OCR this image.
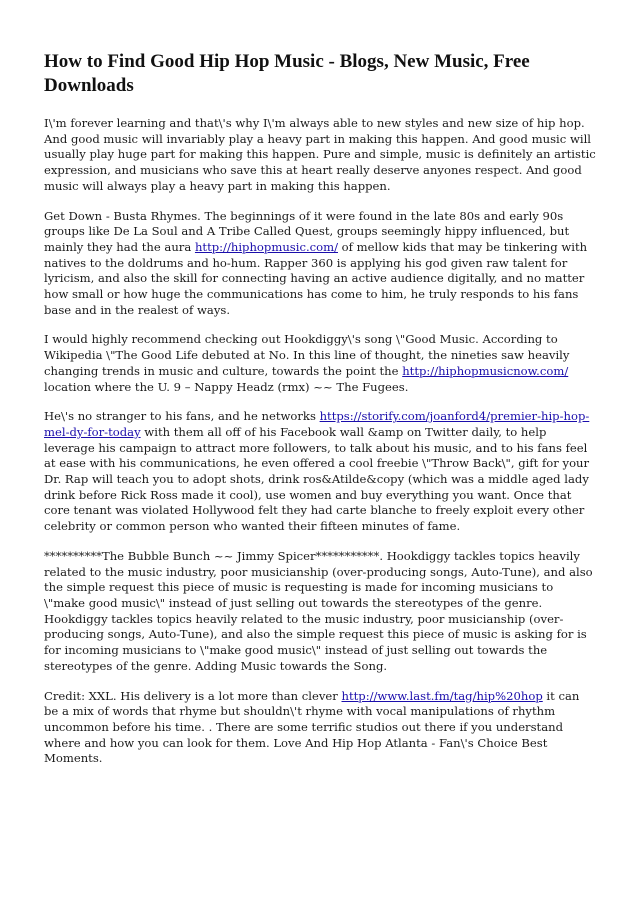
How to Find Good Hip Hop Music - Blogs, New Music, Free Downloads

I\'m forever learning and that\'s why I\'m always able to new styles and new size of hip hop. And good music will invariably play a heavy part in making this happen. And good music will usually play huge part for making this happen. Pure and simple, music is definitely an artistic expression, and musicians who save this at heart really deserve anyones respect. And good music will always play a heavy part in making this happen.

Get Down - Busta Rhymes. The beginnings of it were found in the late 80s and early 90s groups like De La Soul and A Tribe Called Quest, groups seemingly hippy influenced, but mainly they had the aura http://hiphopmusic.com/ of mellow kids that may be tinkering with natives to the doldrums and ho-hum. Rapper 360 is applying his god given raw talent for lyricism, and also the skill for connecting having an active audience digitally, and no matter how small or how huge the communications has come to him, he truly responds to his fans base and in the realest of ways.

I would highly recommend checking out Hookdiggy\'s song \"Good Music. According to Wikipedia \"The Good Life debuted at No. In this line of thought, the nineties saw heavily changing trends in music and culture, towards the point the http://hiphopmusicnow.com/ location where the U. 9 – Nappy Headz (rmx) ~~ The Fugees.

He\'s no stranger to his fans, and he networks https://storify.com/joanford4/premier-hip-hop-mel-dy-for-today with them all off of his Facebook wall &amp on Twitter daily, to help leverage his campaign to attract more followers, to talk about his music, and to his fans feel at ease with his communications, he even offered a cool freebie \"Throw Back\", gift for your Dr. Rap will teach you to adopt shots, drink ros&Atilde&copy (which was a middle aged lady drink before Rick Ross made it cool), use women and buy everything you want. Once that core tenant was violated Hollywood felt they had carte blanche to freely exploit every other celebrity or common person who wanted their fifteen minutes of fame.

**********The Bubble Bunch ~~ Jimmy Spicer***********. Hookdiggy tackles topics heavily related to the music industry, poor musicianship (over-producing songs, Auto-Tune), and also the simple request this piece of music is requesting is made for incoming musicians to \"make good music\" instead of just selling out towards the stereotypes of the genre. Hookdiggy tackles topics heavily related to the music industry, poor musicianship (over-producing songs, Auto-Tune), and also the simple request this piece of music is asking for is for incoming musicians to \"make good music\" instead of just selling out towards the stereotypes of the genre. Adding Music towards the Song.

Credit: XXL. His delivery is a lot more than clever http://www.last.fm/tag/hip%20hop it can be a mix of words that rhyme but shouldn\'t rhyme with vocal manipulations of rhythm uncommon before his time. . There are some terrific studios out there if you understand where and how you can look for them. Love And Hip Hop Atlanta - Fan\'s Choice Best Moments.
